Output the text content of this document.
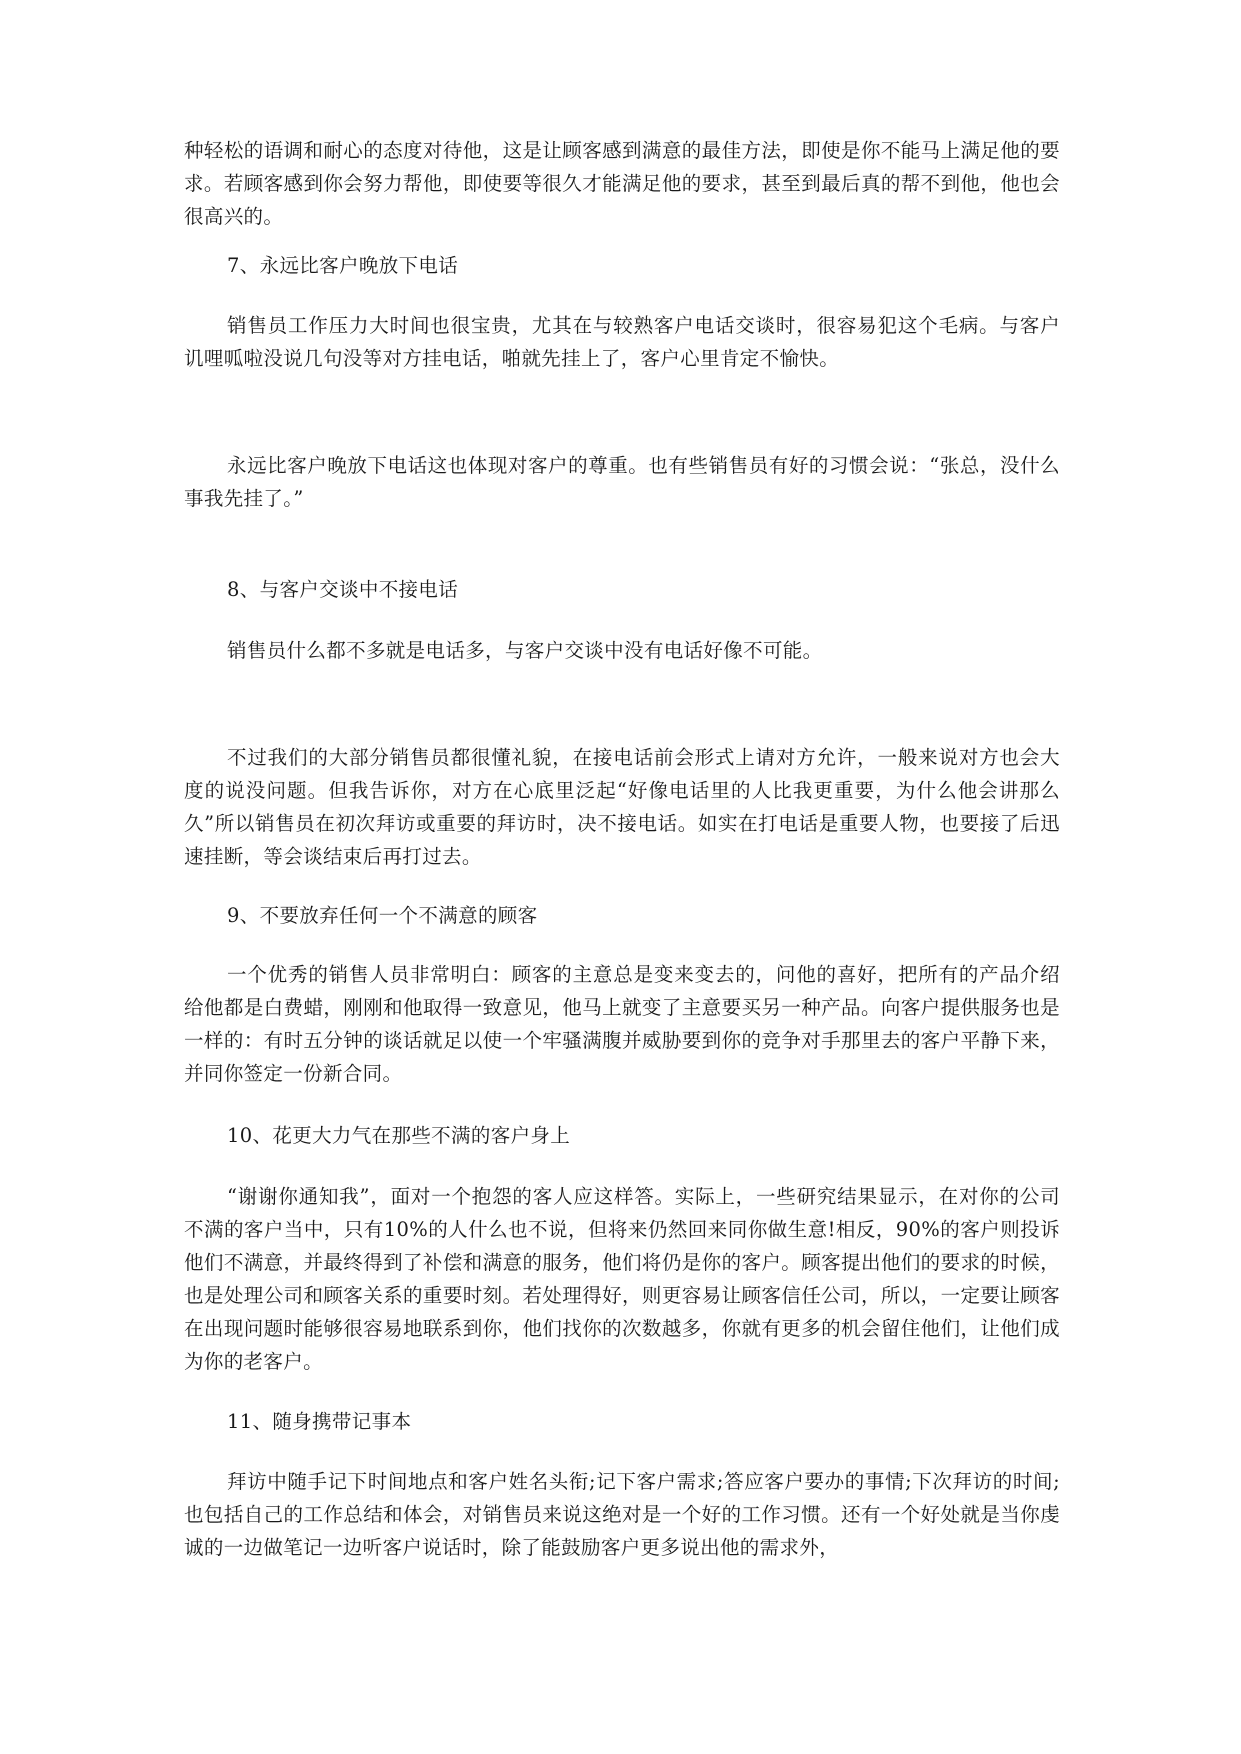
种轻松的语调和耐心的态度对待他，这是让顾客感到满意的最佳方法，即使是你不能马上满足他的要求。若顾客感到你会努力帮他，即使要等很久才能满足他的要求，甚至到最后真的帮不到他，他也会很高兴的。

7、永远比客户晚放下电话

销售员工作压力大时间也很宝贵，尤其在与较熟客户电话交谈时，很容易犯这个毛病。与客户讥哩呱啦没说几句没等对方挂电话，啪就先挂上了，客户心里肯定不愉快。

永远比客户晚放下电话这也体现对客户的尊重。也有些销售员有好的习惯会说：“张总，没什么事我先挂了。”

8、与客户交谈中不接电话

销售员什么都不多就是电话多，与客户交谈中没有电话好像不可能。

不过我们的大部分销售员都很懂礼貌，在接电话前会形式上请对方允许，一般来说对方也会大度的说没问题。但我告诉你，对方在心底里泛起“好像电话里的人比我更重要，为什么他会讲那么久”所以销售员在初次拜访或重要的拜访时，决不接电话。如实在打电话是重要人物，也要接了后迅速挂断，等会谈结束后再打过去。

9、不要放弃任何一个不满意的顾客

一个优秀的销售人员非常明白：顾客的主意总是变来变去的，问他的喜好，把所有的产品介绍给他都是白费蜡，刚刚和他取得一致意见，他马上就变了主意要买另一种产品。向客户提供服务也是一样的：有时五分钟的谈话就足以使一个牢骚满腹并威胁要到你的竞争对手那里去的客户平静下来，并同你签定一份新合同。

10、花更大力气在那些不满的客户身上

“谢谢你通知我”，面对一个抱怨的客人应这样答。实际上，一些研究结果显示，在对你的公司不满的客户当中，只有10%的人什么也不说，但将来仍然回来同你做生意!相反，90%的客户则投诉他们不满意，并最终得到了补偿和满意的服务，他们将仍是你的客户。顾客提出他们的要求的时候，也是处理公司和顾客关系的重要时刻。若处理得好，则更容易让顾客信任公司，所以，一定要让顾客在出现问题时能够很容易地联系到你，他们找你的次数越多，你就有更多的机会留住他们，让他们成为你的老客户。

11、随身携带记事本

拜访中随手记下时间地点和客户姓名头衔;记下客户需求;答应客户要办的事情;下次拜访的时间;也包括自己的工作总结和体会，对销售员来说这绝对是一个好的工作习惯。还有一个好处就是当你虔诚的一边做笔记一边听客户说话时，除了能鼓励客户更多说出他的需求外，
